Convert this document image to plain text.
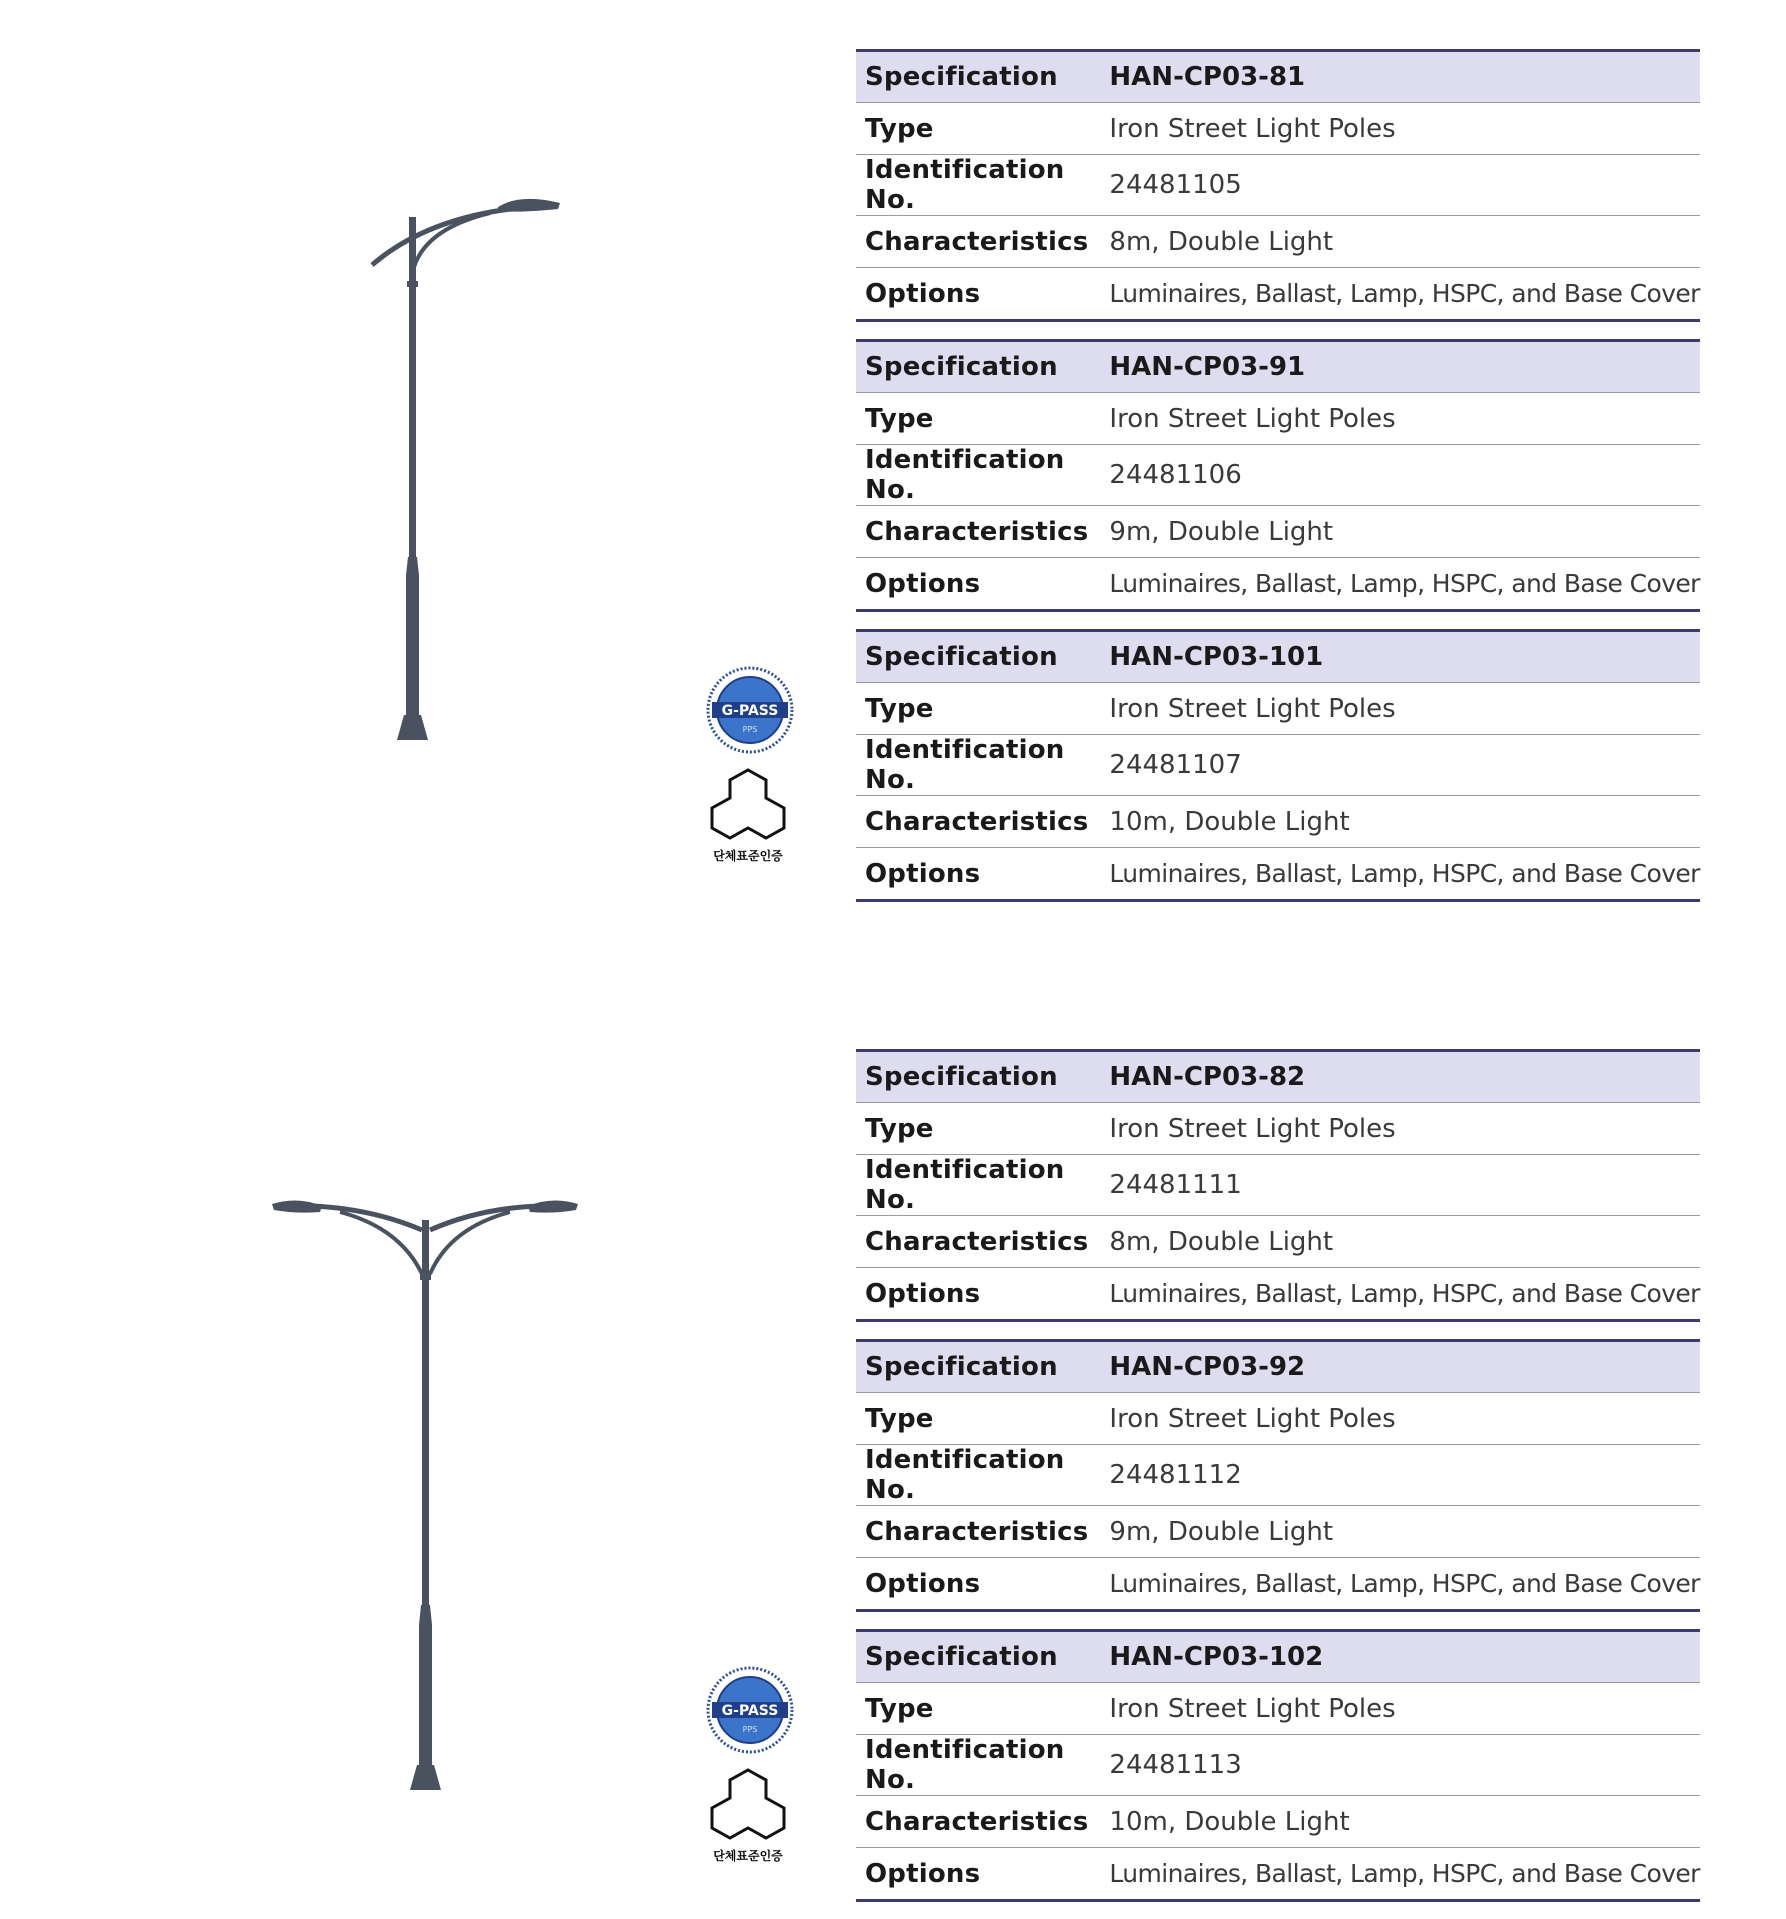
G-PASS
PPS
단체표준인증
Specification		HAN-CP03-81
Type		Iron Street Light Poles
Identification No.		24481105
Characteristics		8m, Double Light
Options		Luminaires, Ballast, Lamp, HSPC, and Base Cover
Specification		HAN-CP03-91
Type		Iron Street Light Poles
Identification No.		24481106
Characteristics		9m, Double Light
Options		Luminaires, Ballast, Lamp, HSPC, and Base Cover
Specification		HAN-CP03-101
Type		Iron Street Light Poles
Identification No.		24481107
Characteristics		10m, Double Light
Options		Luminaires, Ballast, Lamp, HSPC, and Base Cover
G-PASS
PPS
단체표준인증
Specification		HAN-CP03-82
Type		Iron Street Light Poles
Identification No.		24481111
Characteristics		8m, Double Light
Options		Luminaires, Ballast, Lamp, HSPC, and Base Cover
Specification		HAN-CP03-92
Type		Iron Street Light Poles
Identification No.		24481112
Characteristics		9m, Double Light
Options		Luminaires, Ballast, Lamp, HSPC, and Base Cover
Specification		HAN-CP03-102
Type		Iron Street Light Poles
Identification No.		24481113
Characteristics		10m, Double Light
Options		Luminaires, Ballast, Lamp, HSPC, and Base Cover
